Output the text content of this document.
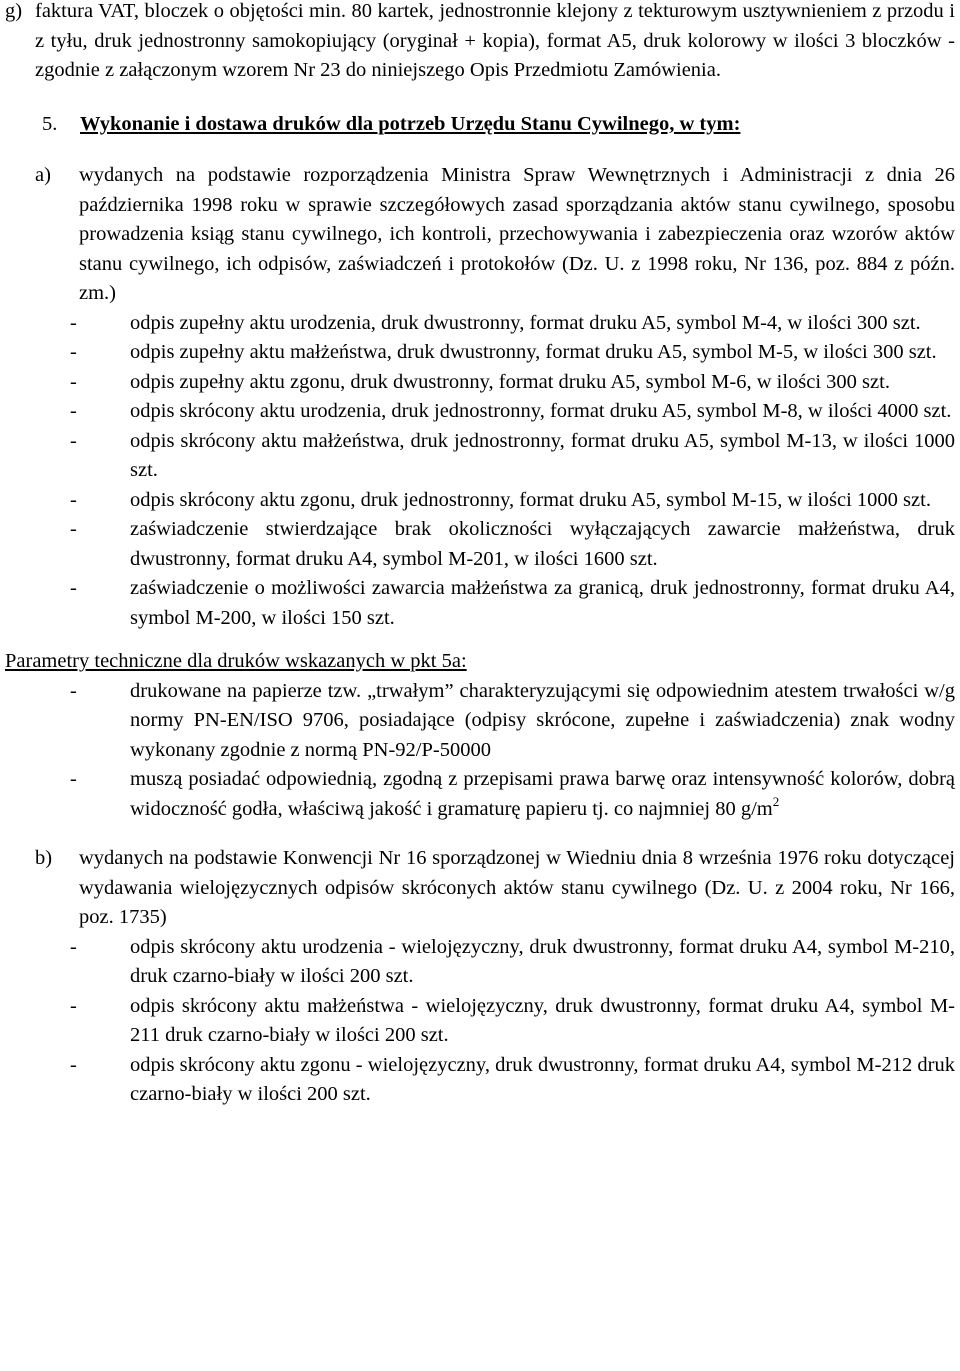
g) faktura VAT, bloczek o objętości min. 80 kartek, jednostronnie klejony z tekturowym usztywnieniem z przodu i z tyłu, druk jednostronny samokopiujący (oryginał + kopia), format A5, druk kolorowy w ilości 3 bloczków - zgodnie z załączonym wzorem Nr 23 do niniejszego Opis Przedmiotu Zamówienia.
5.	Wykonanie i dostawa druków dla potrzeb Urzędu Stanu Cywilnego, w tym:
a)	wydanych na podstawie rozporządzenia Ministra Spraw Wewnętrznych i Administracji z dnia 26 października 1998 roku w sprawie szczegółowych zasad sporządzania aktów stanu cywilnego, sposobu prowadzenia ksiąg stanu cywilnego, ich kontroli, przechowywania i zabezpieczenia oraz wzorów aktów stanu cywilnego, ich odpisów, zaświadczeń i protokołów (Dz. U. z 1998 roku, Nr 136, poz. 884 z późn. zm.)
-	odpis zupełny aktu urodzenia, druk dwustronny, format druku A5, symbol M-4, w ilości 300 szt.
-	odpis zupełny aktu małżeństwa, druk dwustronny, format druku A5, symbol M-5, w ilości 300 szt.
-	odpis zupełny aktu zgonu, druk dwustronny, format druku A5, symbol M-6, w ilości 300 szt.
-	odpis skrócony aktu urodzenia, druk jednostronny, format druku A5, symbol M-8, w ilości 4000 szt.
-	odpis skrócony aktu małżeństwa, druk jednostronny, format druku A5, symbol M-13, w ilości 1000 szt.
-	odpis skrócony aktu zgonu, druk jednostronny, format druku A5, symbol M-15, w ilości 1000 szt.
-	zaświadczenie stwierdzające brak okoliczności wyłączających zawarcie małżeństwa, druk dwustronny, format druku A4, symbol M-201, w ilości 1600 szt.
-	zaświadczenie o możliwości zawarcia małżeństwa za granicą, druk jednostronny, format druku A4, symbol M-200, w ilości 150 szt.
Parametry techniczne dla druków wskazanych w pkt 5a:
-	drukowane na papierze tzw. „trwałym” charakteryzującymi się odpowiednim atestem trwałości w/g normy PN-EN/ISO 9706, posiadające (odpisy skrócone, zupełne i zaświadczenia) znak wodny wykonany zgodnie z normą PN-92/P-50000
-	muszą posiadać odpowiednią, zgodną z przepisami prawa barwę oraz intensywność kolorów, dobrą widoczność godła, właściwą jakość i gramaturę papieru tj. co najmniej 80 $g/m^2$
b)	wydanych na podstawie Konwencji Nr 16 sporządzonej w Wiedniu dnia 8 września 1976 roku dotyczącej wydawania wielojęzycznych odpisów skróconych aktów stanu cywilnego (Dz. U. z 2004 roku, Nr 166, poz. 1735)
-	odpis skrócony aktu urodzenia - wielojęzyczny, druk dwustronny, format druku A4, symbol M-210, druk czarno-biały w ilości 200 szt.
-	odpis skrócony aktu małżeństwa - wielojęzyczny, druk dwustronny, format druku A4, symbol M-211 druk czarno-biały w ilości 200 szt.
-	odpis skrócony aktu zgonu - wielojęzyczny, druk dwustronny, format druku A4, symbol M-212 druk czarno-biały w ilości 200 szt.
